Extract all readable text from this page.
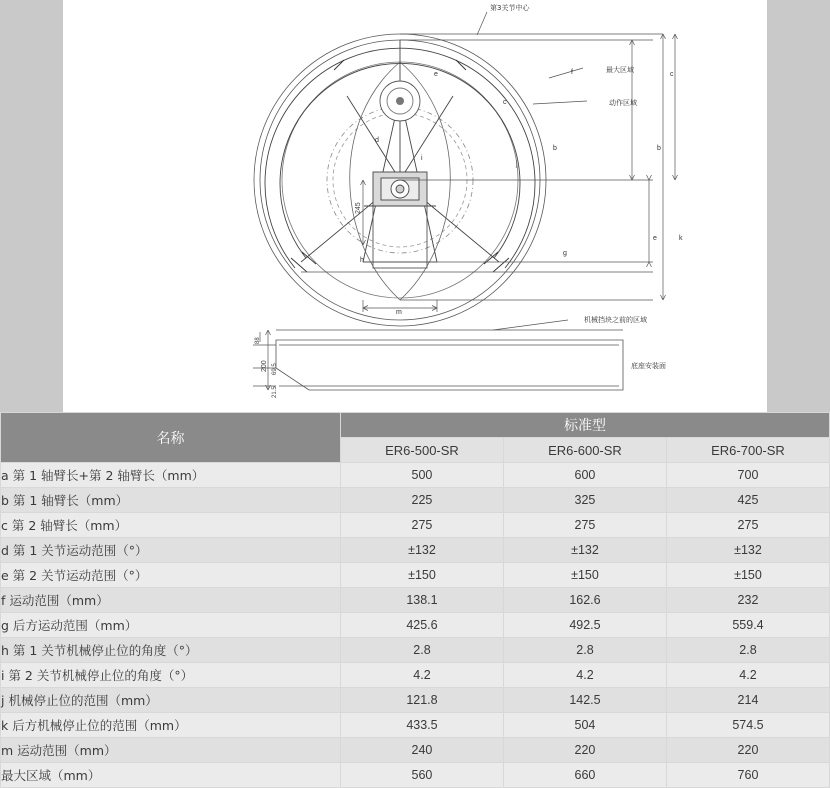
f
c
b
e
d
i
j
g
h
m
c
b
e	k
245
第3关节中心
最大区域
动作区域
机械挡块之前的区域
底座安装面
200
88
69.5
21.5
名称	标准型		
	ER6-500-SR	ER6-600-SR	ER6-700-SR
a 第 1 轴臂长+第 2 轴臂长（mm）	500	600	700
b 第 1 轴臂长（mm）	225	325	425
c 第 2 轴臂长（mm）	275	275	275
d 第 1 关节运动范围（°）	±132	±132	±132
e 第 2 关节运动范围（°）	±150	±150	±150
f 运动范围（mm）	138.1	162.6	232
g 后方运动范围（mm）	425.6	492.5	559.4
h 第 1 关节机械停止位的角度（°）	2.8	2.8	2.8
i 第 2 关节机械停止位的角度（°）	4.2	4.2	4.2
j 机械停止位的范围（mm）	121.8	142.5	214
k 后方机械停止位的范围（mm）	433.5	504	574.5
m 运动范围（mm）	240	220	220
最大区域（mm）	560	660	760
